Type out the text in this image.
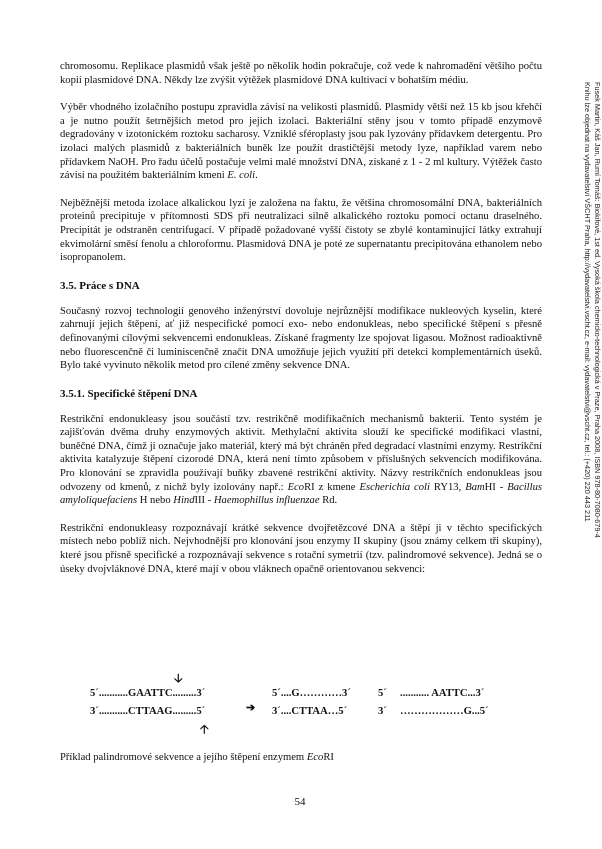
chromosomu. Replikace plasmidů však ještě po několik hodin pokračuje, což vede k nahromadění většího počtu kopií plasmidové DNA. Někdy lze zvýšit výtěžek plasmidové DNA kultivací v bohatším médiu.

Výběr vhodného izolačního postupu zpravidla závisí na velikosti plasmidů. Plasmidy větší než 15 kb jsou křehčí a je nutno použít šetrnějších metod pro jejich izolaci. Bakteriální stěny jsou v tomto případě enzymově degradovány v izotonickém roztoku sacharosy. Vzniklé sféroplasty jsou pak lyzovány přídavkem detergentu. Pro izolaci malých plasmidů z bakteriálních buněk lze použít drastičtější metody lyze, například varem nebo přídavkem NaOH. Pro řadu účelů postačuje velmi malé množství DNA, získané z 1 - 2 ml kultury. Výtěžek často závisí na použitém bakteriálním kmeni E. coli.

Nejběžnější metoda izolace alkalickou lyzí je založena na faktu, že většina chromosomální DNA, bakteriálních proteinů precipituje v přítomnosti SDS při neutralizaci silně alkalického roztoku pomocí octanu draselného. Precipitát je odstraněn centrifugací. V případě požadované vyšší čistoty se zbylé kontaminující látky extrahují ekvimolární směsí fenolu a chloroformu. Plasmidová DNA je poté ze supernatantu precipitována ethanolem nebo isopropanolem.

3.5. Práce s DNA

Současný rozvoj technologií genového inženýrství dovoluje nejrůznější modifikace nukleových kyselin, které zahrnují jejich štěpení, ať již nespecifické pomocí exo- nebo endonukleas, nebo specifické štěpení s přesně definovanými cílovými sekvencemi endonukleas. Získané fragmenty lze spojovat ligasou. Možnost radioaktivně nebo fluorescenčně či luminiscenčně značit DNA umožňuje jejich využití při detekci komplementárních úseků. Bylo také vyvinuto několik metod pro cílené změny sekvence DNA.

3.5.1. Specifické štěpení DNA

Restrikční endonukleasy jsou součástí tzv. restrikčně modifikačních mechanismů bakterií. Tento systém je zajišťován dvěma druhy enzymových aktivit. Methylační aktivita slouží ke specifické modifikaci vlastní, buněčné DNA, čímž ji označuje jako materiál, který má být chráněn před degradací vlastními enzymy. Restrikční aktivita katalyzuje štěpení cizorodé DNA, která není tímto způsobem v příslušných sekvencích modifikována. Pro klonování se zpravidla používají buňky zbavené restrikční aktivity. Názvy restrikčních endonukleas jsou odvozeny od kmenů, z nichž byly izolovány např.: EcoRI z kmene Escherichia coli RY13, BamHI - Bacillus amyloliquefaciens H nebo HindIII - Haemophillus influenzae Rd.

Restrikční endonukleasy rozpoznávají krátké sekvence dvojřetězcové DNA a štěpí ji v těchto specifických místech nebo poblíž nich. Nejvhodnější pro klonování jsou enzymy II skupiny (jsou známy celkem tři skupiny), které jsou přísně specifické a rozpoznávají sekvence s rotační symetrií (tzv. palindromové sekvence). Jedná se o úseky dvojvláknové DNA, které mají v obou vláknech opačně orientovanou sekvenci:

🡣
5´...........GAATTC.........3´
3´...........CTTAAG.........5´	➔
🡡
5´....G…………3´
3´....CTTAA…5´
5´ ........... AATTC...3´
3´ ………………G...5´
Příklad palindromové sekvence a jejího štěpení enzymem EcoRI
54
Fusek Martin, Káš Jan, Rumí Tomáš: Biokifové, 1st ed. Vysoká škola chemicko-technologická v Praze, Praha 2008, ISBN 978-80-7080-679-4
Knihu lze objednat na vydavatelství VŠCHT Praha, http://vydavatelstvi.vscht.cz, e-mail: vydavatelstvi@vscht.cz, tel.: (+420) 220 443 211
